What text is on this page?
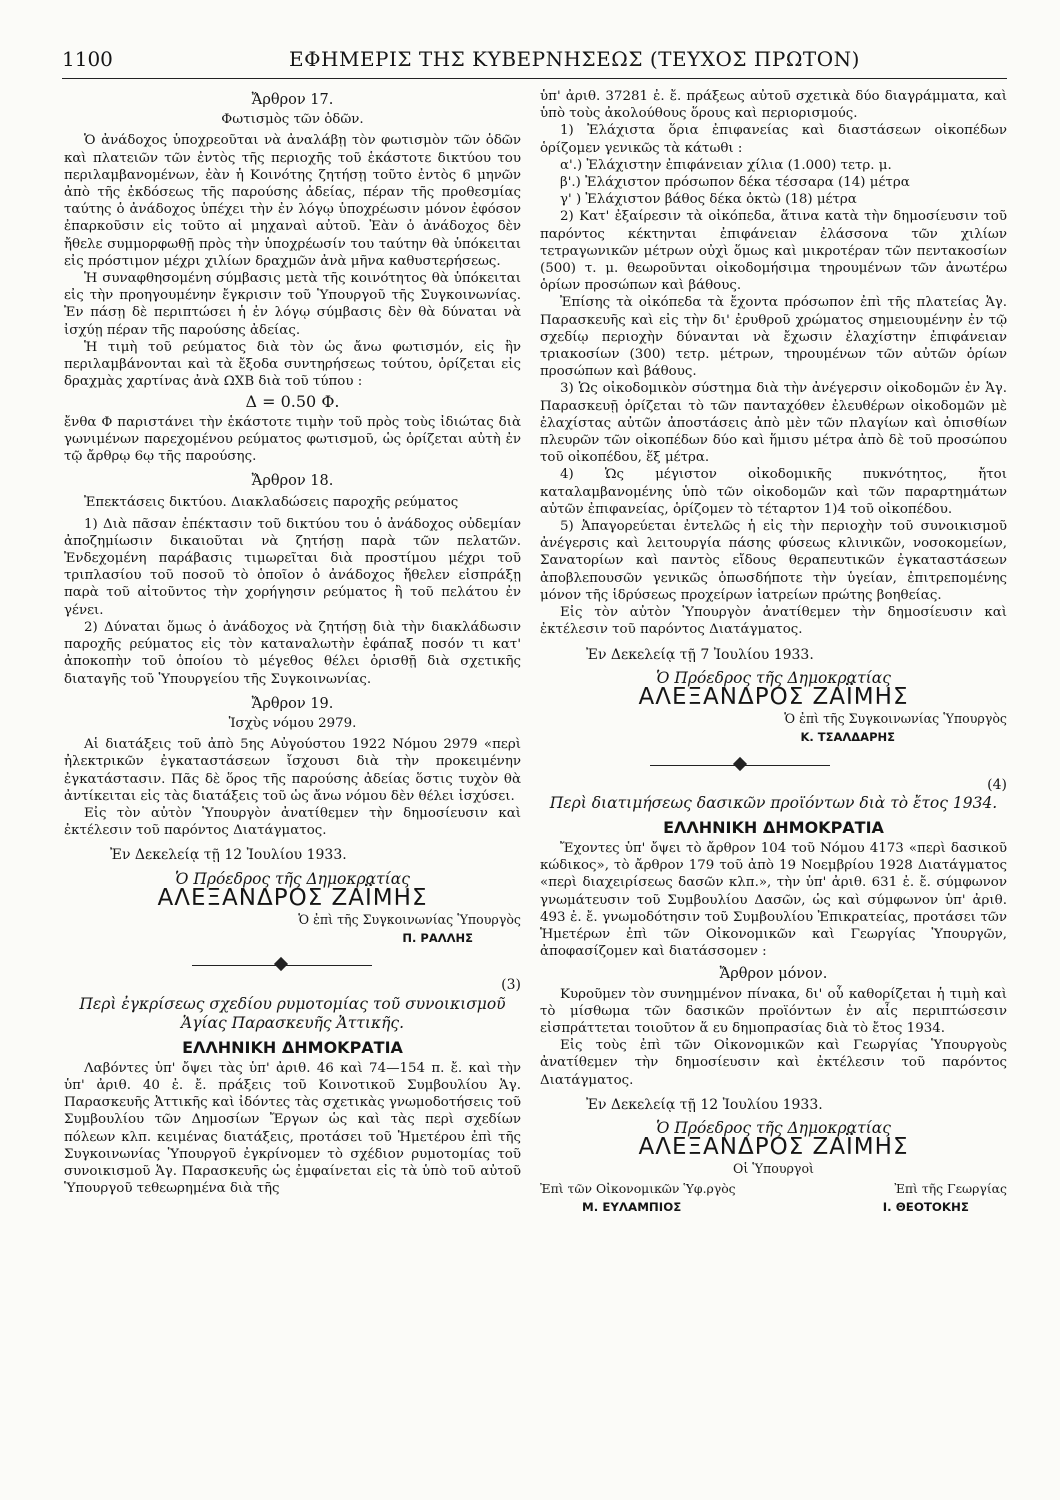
1100	ΕΦΗΜΕΡΙΣ ΤΗΣ ΚΥΒΕΡΝΗΣΕΩΣ (ΤΕΥΧΟΣ ΠΡΩΤΟΝ)
Ἄρθρον 17.
Φωτισμὸς τῶν ὁδῶν.

Ὁ ἀνάδοχος ὑποχρεοῦται νὰ ἀναλάβῃ τὸν φωτισμὸν τῶν ὁδῶν καὶ πλατειῶν τῶν ἐντὸς τῆς περιοχῆς τοῦ ἑκάστοτε δικτύου του περιλαμβανομένων, ἐὰν ἡ Κοινότης ζητήσῃ τοῦτο ἐντὸς 6 μηνῶν ἀπὸ τῆς ἐκδόσεως τῆς παρούσης ἀδείας, πέραν τῆς προθεσμίας ταύτης ὁ ἀνάδοχος ὑπέχει τὴν ἐν λόγῳ ὑποχρέωσιν μόνον ἐφόσον ἐπαρκοῦσιν εἰς τοῦτο αἱ μηχαναὶ αὐτοῦ. Ἐὰν ὁ ἀνάδοχος δὲν ἤθελε συμμορφωθῇ πρὸς τὴν ὑποχρέωσίν του ταύτην θὰ ὑπόκειται εἰς πρόστιμον μέχρι χιλίων δραχμῶν ἀνὰ μῆνα καθυστερήσεως.

Ἡ συναφθησομένη σύμβασις μετὰ τῆς κοινότητος θὰ ὑπόκειται εἰς τὴν προηγουμένην ἔγκρισιν τοῦ Ὑπουργοῦ τῆς Συγκοινωνίας. Ἐν πάσῃ δὲ περιπτώσει ἡ ἐν λόγῳ σύμβασις δὲν θὰ δύναται νὰ ἰσχύῃ πέραν τῆς παρούσης ἀδείας.

Ἡ τιμὴ τοῦ ρεύματος διὰ τὸν ὡς ἄνω φωτισμόν, εἰς ἣν περιλαμβάνονται καὶ τὰ ἔξοδα συντηρήσεως τούτου, ὁρίζεται εἰς δραχμὰς χαρτίνας ἀνὰ ΩΧΒ διὰ τοῦ τύπου :

Δ = 0.50 Φ.

ἔνθα Φ παριστάνει τὴν ἑκάστοτε τιμὴν τοῦ πρὸς τοὺς ἰδιώτας διὰ γωνιμένων παρεχομένου ρεύματος φωτισμοῦ, ὡς ὁρίζεται αὐτὴ ἐν τῷ ἄρθρῳ 6ῳ τῆς παρούσης.

Ἄρθρον 18.
Ἐπεκτάσεις δικτύου. Διακλαδώσεις παροχῆς ρεύματος

1) Διὰ πᾶσαν ἐπέκτασιν τοῦ δικτύου του ὁ ἀνάδοχος οὐδεμίαν ἀποζημίωσιν δικαιοῦται νὰ ζητήσῃ παρὰ τῶν πελατῶν. Ἐνδεχομένη παράβασις τιμωρεῖται διὰ προστίμου μέχρι τοῦ τριπλασίου τοῦ ποσοῦ τὸ ὁποῖον ὁ ἀνάδοχος ἤθελεν εἰσπράξῃ παρὰ τοῦ αἰτοῦντος τὴν χορήγησιν ρεύματος ἢ τοῦ πελάτου ἐν γένει.

2) Δύναται ὅμως ὁ ἀνάδοχος νὰ ζητήσῃ διὰ τὴν διακλάδωσιν παροχῆς ρεύματος εἰς τὸν καταναλωτὴν ἐφάπαξ ποσόν τι κατ' ἀποκοπὴν τοῦ ὁποίου τὸ μέγεθος θέλει ὁρισθῇ διὰ σχετικῆς διαταγῆς τοῦ Ὑπουργείου τῆς Συγκοινωνίας.

Ἄρθρον 19.
Ἰσχὺς νόμου 2979.

Αἱ διατάξεις τοῦ ἀπὸ 5ης Αὐγούστου 1922 Νόμου 2979 «περὶ ἠλεκτρικῶν ἐγκαταστάσεων ἴσχουσι διὰ τὴν προκειμένην ἐγκατάστασιν. Πᾶς δὲ ὅρος τῆς παρούσης ἀδείας ὅστις τυχὸν θὰ ἀντίκειται εἰς τὰς διατάξεις τοῦ ὡς ἄνω νόμου δὲν θέλει ἰσχύσει.

Εἰς τὸν αὐτὸν Ὑπουργὸν ἀνατίθεμεν τὴν δημοσίευσιν καὶ ἐκτέλεσιν τοῦ παρόντος Διατάγματος.

Ἐν Δεκελείᾳ τῇ 12 Ἰουλίου 1933.
Ὁ Πρόεδρος τῆς Δημοκρατίας
ΑΛΕΞΑΝΔΡΟΣ ΖΑΪΜΗΣ
Ὁ ἐπὶ τῆς Συγκοινωνίας Ὑπουργὸς
Π. ΡΑΛΛΗΣ
(3)
Περὶ ἐγκρίσεως σχεδίου ρυμοτομίας τοῦ συνοικισμοῦ Ἁγίας Παρασκευῆς Ἀττικῆς.
ΕΛΛΗΝΙΚΗ ΔΗΜΟΚΡΑΤΙΑ

Λαβόντες ὑπ' ὄψει τὰς ὑπ' ἀριθ. 46 καὶ 74—154 π. ἔ. καὶ τὴν ὑπ' ἀριθ. 40 ἐ. ἔ. πράξεις τοῦ Κοινοτικοῦ Συμβουλίου Ἁγ. Παρασκευῆς Ἀττικῆς καὶ ἰδόντες τὰς σχετικὰς γνωμοδοτήσεις τοῦ Συμβουλίου τῶν Δημοσίων Ἔργων ὡς καὶ τὰς περὶ σχεδίων πόλεων κλπ. κειμένας διατάξεις, προτάσει τοῦ Ἡμετέρου ἐπὶ τῆς Συγκοινωνίας Ὑπουργοῦ ἐγκρίνομεν τὸ σχέδιον ρυμοτομίας τοῦ συνοικισμοῦ Ἁγ. Παρασκευῆς ὡς ἐμφαίνεται εἰς τὰ ὑπὸ τοῦ αὐτοῦ Ὑπουργοῦ τεθεωρημένα διὰ τῆς

ὑπ' ἀριθ. 37281 ἐ. ἔ. πράξεως αὐτοῦ σχετικὰ δύο διαγράμματα, καὶ ὑπὸ τοὺς ἀκολούθους ὅρους καὶ περιορισμούς.

1) Ἐλάχιστα ὅρια ἐπιφανείας καὶ διαστάσεων οἰκοπέδων ὁρίζομεν γενικῶς τὰ κάτωθι :

α'.) Ἐλάχιστην ἐπιφάνειαν χίλια (1.000) τετρ. μ.

β'.) Ἐλάχιστον πρόσωπον δέκα τέσσαρα (14) μέτρα

γ' ) Ἐλάχιστον βάθος δέκα ὀκτὼ (18) μέτρα

2) Κατ' ἐξαίρεσιν τὰ οἰκόπεδα, ἅτινα κατὰ τὴν δημοσίευσιν τοῦ παρόντος κέκτηνται ἐπιφάνειαν ἐλάσσονα τῶν χιλίων τετραγωνικῶν μέτρων οὐχὶ ὅμως καὶ μικροτέραν τῶν πεντακοσίων (500) τ. μ. θεωροῦνται οἰκοδομήσιμα τηρουμένων τῶν ἀνωτέρω ὁρίων προσώπων καὶ βάθους.

Ἐπίσης τὰ οἰκόπεδα τὰ ἔχοντα πρόσωπον ἐπὶ τῆς πλατείας Ἁγ. Παρασκευῆς καὶ εἰς τὴν δι' ἐρυθροῦ χρώματος σημειουμένην ἐν τῷ σχεδίῳ περιοχὴν δύνανται νὰ ἔχωσιν ἐλαχίστην ἐπιφάνειαν τριακοσίων (300) τετρ. μέτρων, τηρουμένων τῶν αὐτῶν ὁρίων προσώπων καὶ βάθους.

3) Ὡς οἰκοδομικὸν σύστημα διὰ τὴν ἀνέγερσιν οἰκοδομῶν ἐν Ἁγ. Παρασκευῇ ὁρίζεται τὸ τῶν πανταχόθεν ἐλευθέρων οἰκοδομῶν μὲ ἐλαχίστας αὐτῶν ἀποστάσεις ἀπὸ μὲν τῶν πλαγίων καὶ ὀπισθίων πλευρῶν τῶν οἰκοπέδων δύο καὶ ἥμισυ μέτρα ἀπὸ δὲ τοῦ προσώπου τοῦ οἰκοπέδου, ἕξ μέτρα.

4) Ὡς μέγιστον οἰκοδομικῆς πυκνότητος, ἤτοι καταλαμβανομένης ὑπὸ τῶν οἰκοδομῶν καὶ τῶν παραρτημάτων αὐτῶν ἐπιφανείας, ὁρίζομεν τὸ τέταρτον 1)4 τοῦ οἰκοπέδου.

5) Ἀπαγορεύεται ἐντελῶς ἡ εἰς τὴν περιοχὴν τοῦ συνοικισμοῦ ἀνέγερσις καὶ λειτουργία πάσης φύσεως κλινικῶν, νοσοκομείων, Σανατορίων καὶ παντὸς εἴδους θεραπευτικῶν ἐγκαταστάσεων ἀποβλεπουσῶν γενικῶς ὁπωσδήποτε τὴν ὑγείαν, ἐπιτρεπομένης μόνον τῆς ἱδρύσεως προχείρων ἰατρείων πρώτης βοηθείας.

Εἰς τὸν αὐτὸν Ὑπουργὸν ἀνατίθεμεν τὴν δημοσίευσιν καὶ ἐκτέλεσιν τοῦ παρόντος Διατάγματος.

Ἐν Δεκελείᾳ τῇ 7 Ἰουλίου 1933.
Ὁ Πρόεδρος τῆς Δημοκρατίας
ΑΛΕΞΑΝΔΡΟΣ ΖΑΪΜΗΣ
Ὁ ἐπὶ τῆς Συγκοινωνίας Ὑπουργὸς
Κ. ΤΣΑΛΔΑΡΗΣ
(4)
Περὶ διατιμήσεως δασικῶν προϊόντων διὰ τὸ ἔτος 1934.
ΕΛΛΗΝΙΚΗ ΔΗΜΟΚΡΑΤΙΑ

Ἔχοντες ὑπ' ὄψει τὸ ἄρθρον 104 τοῦ Νόμου 4173 «περὶ δασικοῦ κώδικος», τὸ ἄρθρον 179 τοῦ ἀπὸ 19 Νοεμβρίου 1928 Διατάγματος «περὶ διαχειρίσεως δασῶν κλπ.», τὴν ὑπ' ἀριθ. 631 ἐ. ἔ. σύμφωνον γνωμάτευσιν τοῦ Συμβουλίου Δασῶν, ὡς καὶ σύμφωνον ὑπ' ἀριθ. 493 ἐ. ἔ. γνωμοδότησιν τοῦ Συμβουλίου Ἐπικρατείας, προτάσει τῶν Ἡμετέρων ἐπὶ τῶν Οἰκονομικῶν καὶ Γεωργίας Ὑπουργῶν, ἀποφασίζομεν καὶ διατάσσομεν :

Ἄρθρον μόνον.

Κυροῦμεν τὸν συνημμένον πίνακα, δι' οὗ καθορίζεται ἡ τιμὴ καὶ τὸ μίσθωμα τῶν δασικῶν προϊόντων ἐν αἷς περιπτώσεσιν εἰσπράττεται τοιοῦτον ἅ ευ δημοπρασίας διὰ τὸ ἔτος 1934.

Εἰς τοὺς ἐπὶ τῶν Οἰκονομικῶν καὶ Γεωργίας Ὑπουργοὺς ἀνατίθεμεν τὴν δημοσίευσιν καὶ ἐκτέλεσιν τοῦ παρόντος Διατάγματος.

Ἐν Δεκελείᾳ τῇ 12 Ἰουλίου 1933.
Ὁ Πρόεδρος τῆς Δημοκρατίας
ΑΛΕΞΑΝΔΡΟΣ ΖΑΪΜΗΣ
Οἱ Ὑπουργοὶ
Ἐπὶ τῶν Οἰκονομικῶν Ὑφ.ργὸς	Ἐπὶ τῆς Γεωργίας
Μ. ΕΥΛΑΜΠΙΟΣ	Ι. ΘΕΟΤΟΚΗΣ
